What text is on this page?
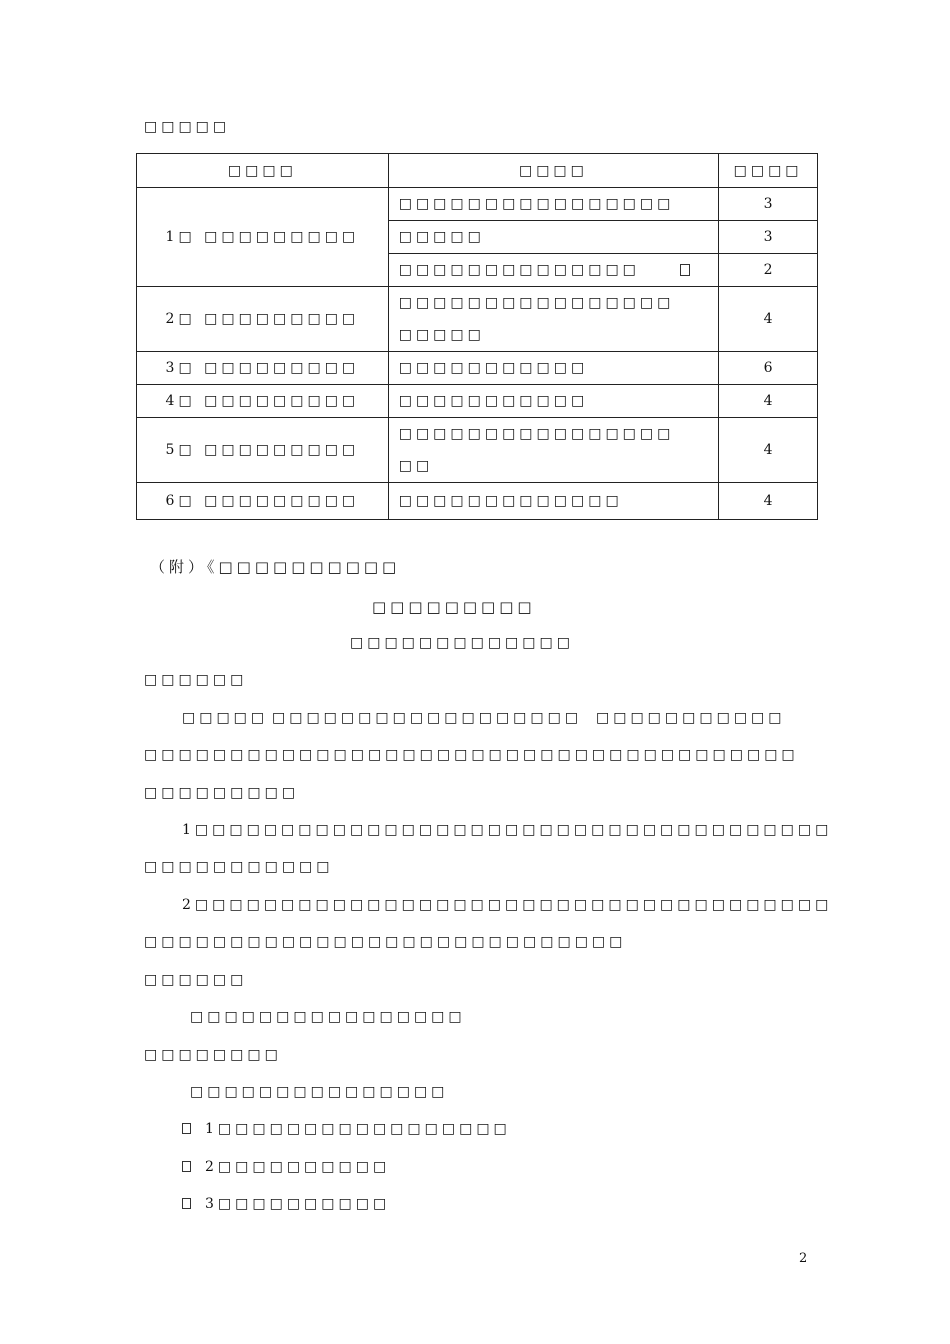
□□□□□
□□□□	□□□□	□□□□
1□ □□□□□□□□□	□□□□□□□□□□□□□□□□	3
	□□□□□	3
	□□□□□□□□□□□□□□	2
2□ □□□□□□□□□	□□□□□□□□□□□□□□□□
□□□□□	4
3□ □□□□□□□□□	□□□□□□□□□□□	6
4□ □□□□□□□□□	□□□□□□□□□□□	4
5□ □□□□□□□□□	□□□□□□□□□□□□□□□□
□□	4
6□ □□□□□□□□□	□□□□□□□□□□□□□	4
（附）《□□□□□□□□□□
□□□□□□□□□
□□□□□□□□□□□□□
□□□□□□
□□□□□ □□□□□□□□□□□□□□□□□□ □□□□□□□□□□□
□□□□□□□□□□□□□□□□□□□□□□□□□□□□□□□□□□□□□□
□□□□□□□□□
1□□□□□□□□□□□□□□□□□□□□□□□□□□□□□□□□□□□□□
□□□□□□□□□□□
2□□□□□□□□□□□□□□□□□□□□□□□□□□□□□□□□□□□□□
□□□□□□□□□□□□□□□□□□□□□□□□□□□□
□□□□□□
□□□□□□□□□□□□□□□□
□□□□□□□□
□□□□□□□□□□□□□□□
1□□□□□□□□□□□□□□□□□
2□□□□□□□□□□
3□□□□□□□□□□
2
